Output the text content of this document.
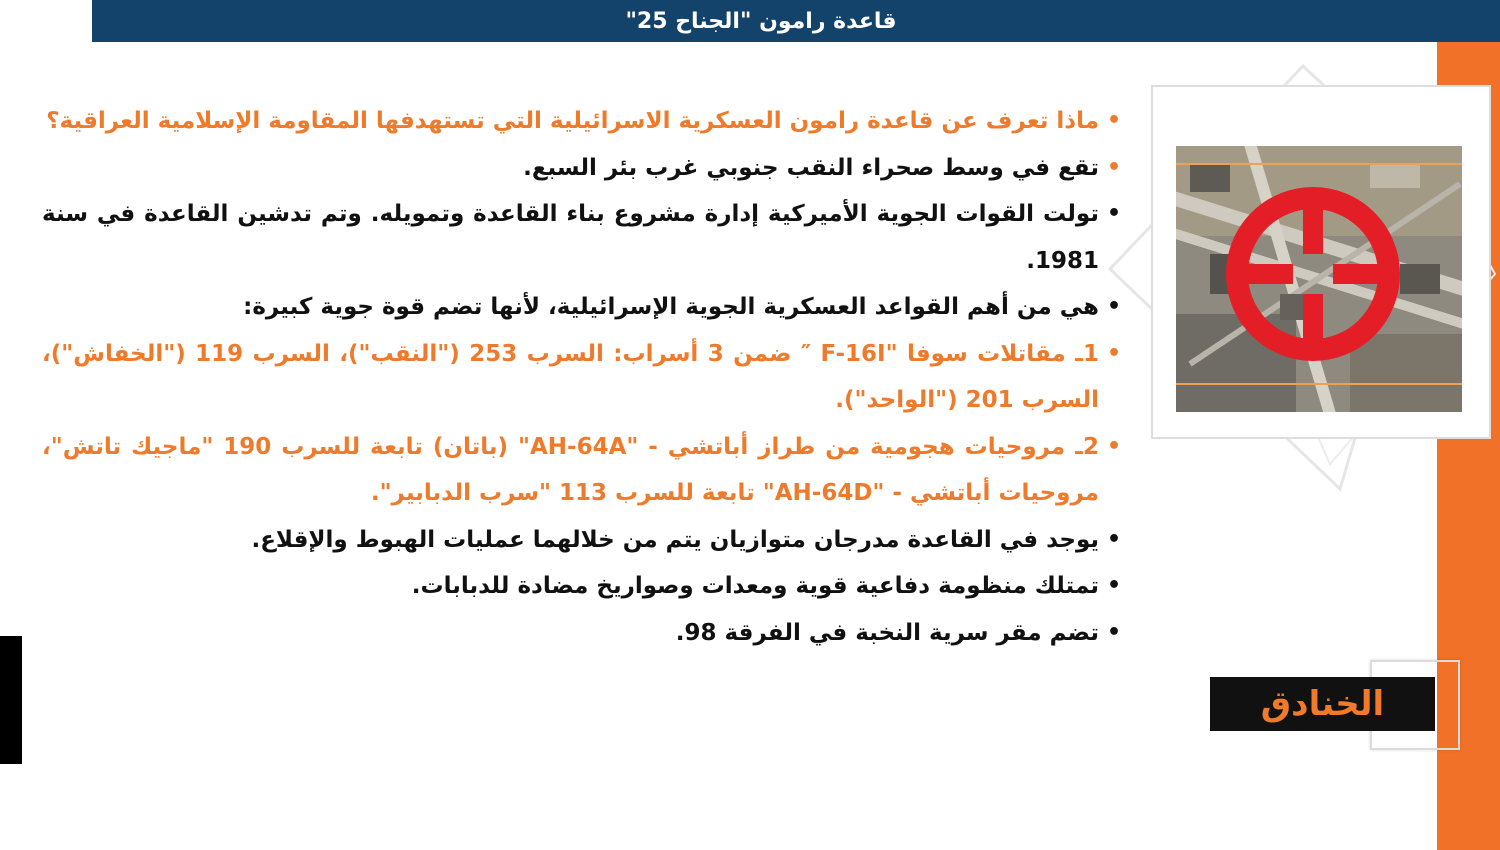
قاعدة رامون "الجناح 25"
• ماذا تعرف عن قاعدة رامون العسكرية الاسرائيلية التي تستهدفها المقاومة الإسلامية العراقية؟
• تقع في وسط صحراء النقب جنوبي غرب بئر السبع.
• تولت القوات الجوية الأميركية إدارة مشروع بناء القاعدة وتمويله. وتم تدشين القاعدة في سنة 1981.
• هي من أهم القواعد العسكرية الجوية الإسرائيلية، لأنها تضم قوة جوية كبيرة:
• 1ـ مقاتلات سوفا "F-16I ″ ضمن 3 أسراب: السرب 253 ("النقب")، السرب 119 ("الخفاش")، السرب 201 ("الواحد").
• 2ـ مروحيات هجومية من طراز أباتشي - "AH-64A" (باتان) تابعة للسرب 190 "ماجيك تاتش"، مروحيات أباتشي - "AH-64D" تابعة للسرب 113 "سرب الدبابير".
• يوجد في القاعدة مدرجان متوازيان يتم من خلالهما عمليات الهبوط والإقلاع.
• تمتلك منظومة دفاعية قوية ومعدات وصواريخ مضادة للدبابات.
• تضم مقر سرية النخبة في الفرقة 98.
الخنادق
